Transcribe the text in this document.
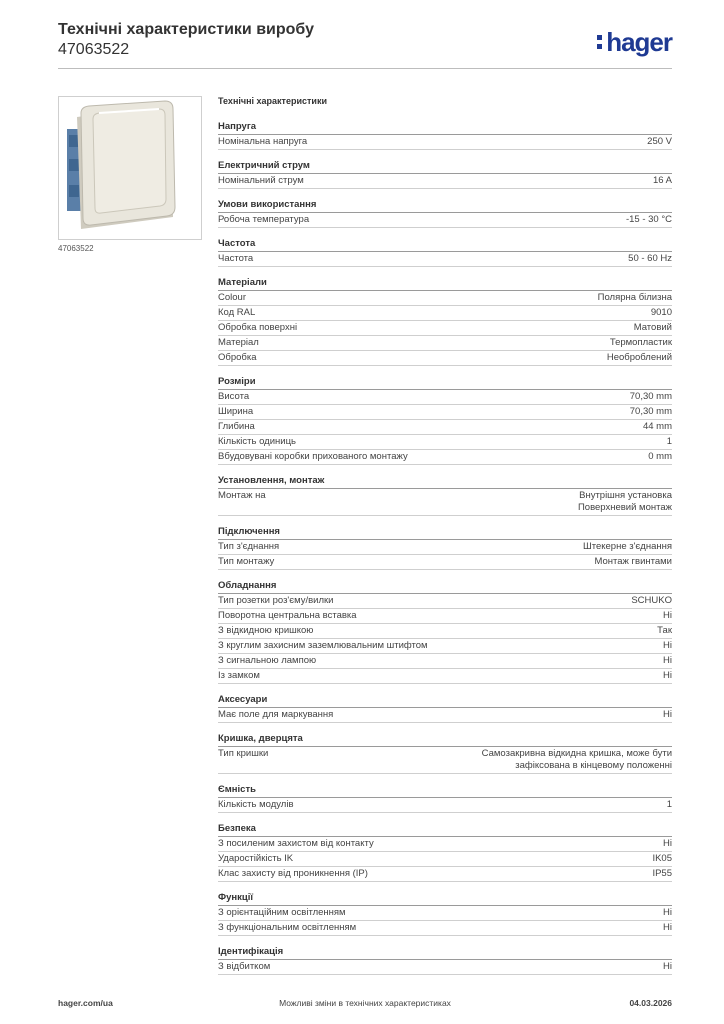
Технічні характеристики виробу
47063522	hager
47063522
Технічні характеристики
Напруга
Номінальна напруга	250 V
Електричний струм
Номінальний струм	16 A
Умови використання
Робоча температура	-15 - 30 °C
Частота
Частота	50 - 60 Hz
Матеріали
Colour	Полярна білизна
Код RAL	9010
Обробка поверхні	Матовий
Матеріал	Термопластик
Обробка	Необроблений
Розміри
Висота	70,30 mm
Ширина	70,30 mm
Глибина	44 mm
Кількість одиниць	1
Вбудовувані коробки прихованого монтажу	0 mm
Установлення, монтаж
Монтаж на	Внутрішня установка
Поверхневий монтаж
Підключення
Тип з'єднання	Штекерне з'єднання
Тип монтажу	Монтаж гвинтами
Обладнання
Тип розетки роз'єму/вилки	SCHUKO
Поворотна центральна вставка	Ні
З відкидною кришкою	Так
З круглим захисним заземлювальним штифтом	Ні
З сигнальною лампою	Ні
Із замком	Ні
Аксесуари
Має поле для маркування	Ні
Кришка, дверцята
Тип кришки	Самозакривна відкидна кришка, може бути
зафіксована в кінцевому положенні
Ємність
Кількість модулів	1
Безпека
З посиленим захистом від контакту	Ні
Ударостійкість IK	IK05
Клас захисту від проникнення (IP)	IP55
Функції
З орієнтаційним освітленням	Ні
З функціональним освітленням	Ні
Ідентифікація
З відбитком	Ні
hager.com/ua	Можливі зміни в технічних характеристиках	04.03.2026
